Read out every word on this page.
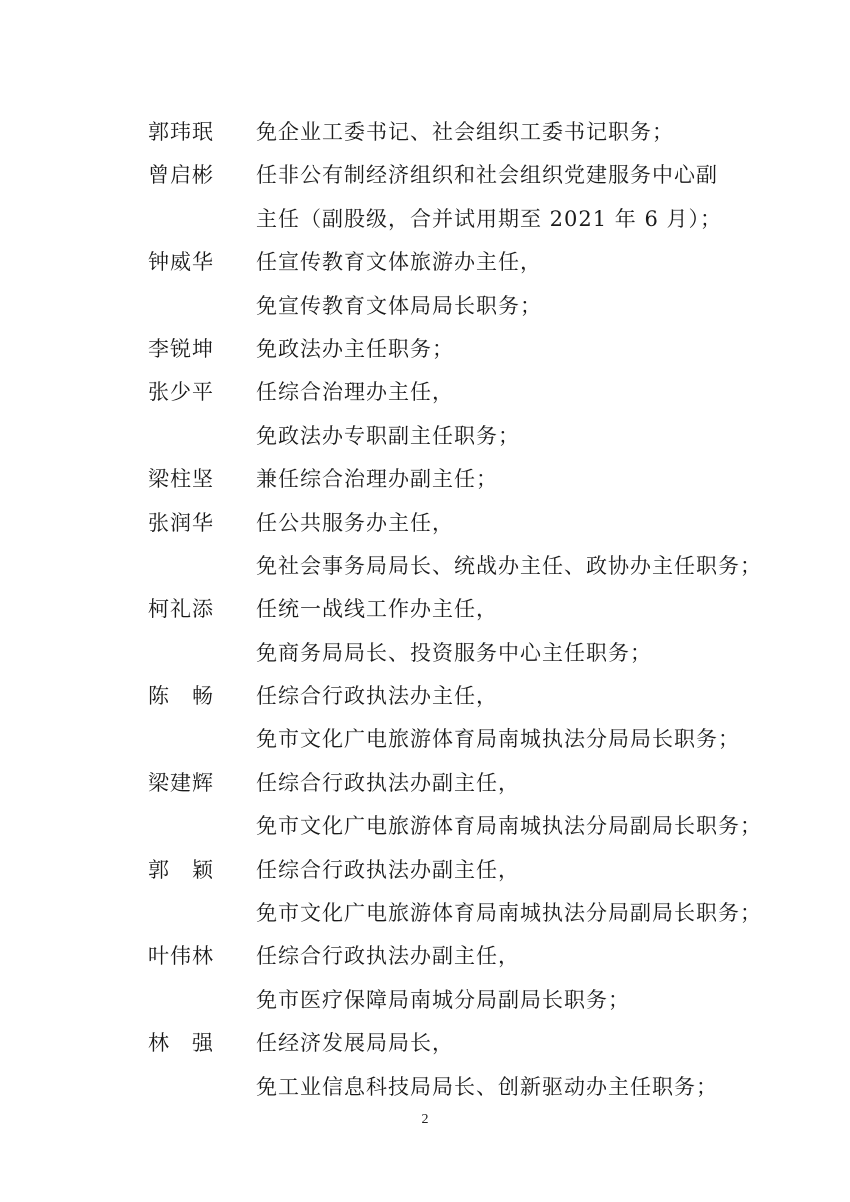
郭玮珉	免企业工委书记、社会组织工委书记职务；
曾启彬	任非公有制经济组织和社会组织党建服务中心副
主任（副股级，合并试用期至 2021 年 6 月）；
钟威华	任宣传教育文体旅游办主任，
免宣传教育文体局局长职务；
李锐坤	免政法办主任职务；
张少平	任综合治理办主任，
免政法办专职副主任职务；
梁柱坚	兼任综合治理办副主任；
张润华	任公共服务办主任，
免社会事务局局长、统战办主任、政协办主任职务；
柯礼添	任统一战线工作办主任，
免商务局局长、投资服务中心主任职务；
陈　畅	任综合行政执法办主任，
免市文化广电旅游体育局南城执法分局局长职务；
梁建辉	任综合行政执法办副主任，
免市文化广电旅游体育局南城执法分局副局长职务；
郭　颖	任综合行政执法办副主任，
免市文化广电旅游体育局南城执法分局副局长职务；
叶伟林	任综合行政执法办副主任，
免市医疗保障局南城分局副局长职务；
林　强	任经济发展局局长，
免工业信息科技局局长、创新驱动办主任职务；
2
